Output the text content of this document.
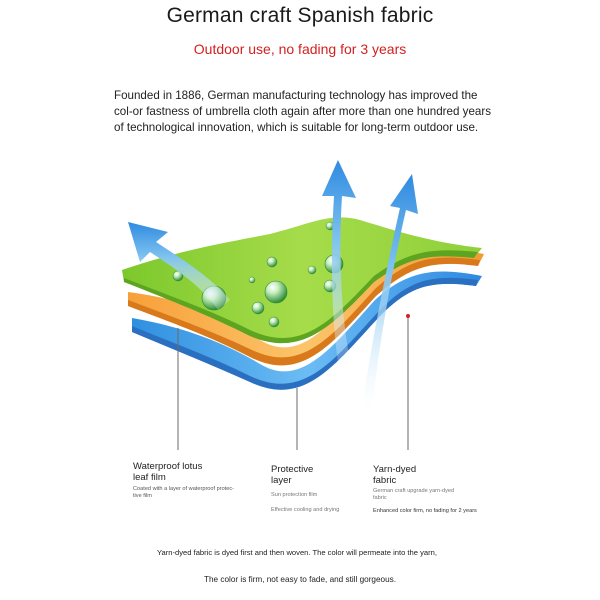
German craft Spanish fabric
Outdoor use, no fading for 3 years
Founded in 1886, German manufacturing technology has improved the col-or fastness of umbrella cloth again after more than one hundred years of technological innovation, which is suitable for long-term outdoor use.
Waterproof lotus
leaf film
Coated with a layer of waterproof protec-
tive film
Protective
layer
Sun protection film
Effective cooling and drying
Yarn-dyed
fabric
German craft upgrade yarn-dyed
fabric
Enhanced color firm, no fading for 2 years
Yarn-dyed fabric is dyed first and then woven. The color will permeate into the yarn,
The color is firm, not easy to fade, and still gorgeous.
